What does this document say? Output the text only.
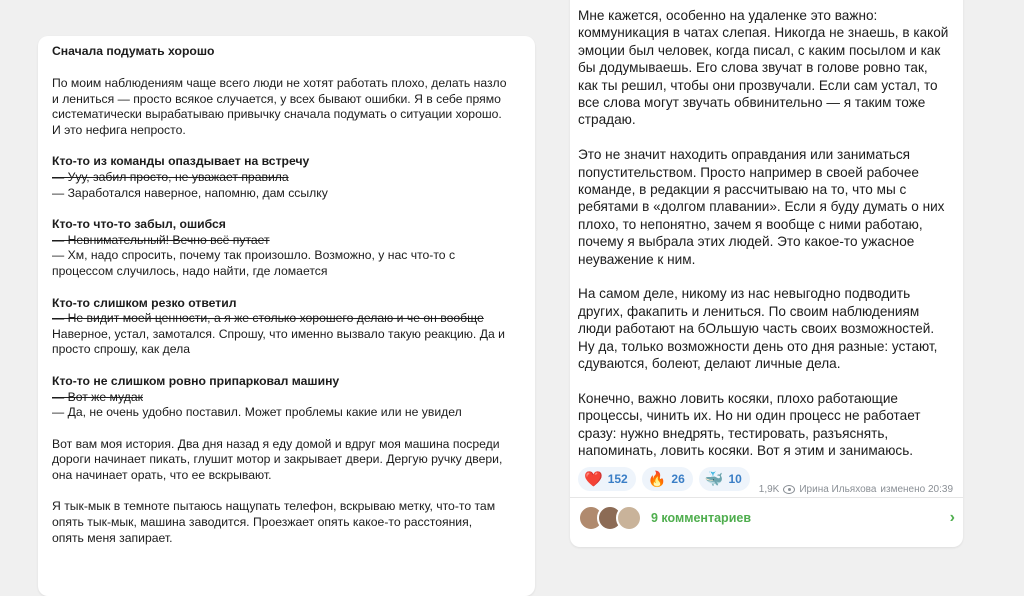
Сначала подумать хорошо

По моим наблюдениям чаще всего люди не хотят работать плохо, делать назло

и лениться — просто всякое случается, у всех бывают ошибки. Я в себе прямо

систематически вырабатываю привычку сначала подумать о ситуации хорошо.

И это нефига непросто.

Кто-то из команды опаздывает на встречу

— Ууу, забил просто, не уважает правила

— Заработался наверное, напомню, дам ссылку

Кто-то что-то забыл, ошибся

— Невнимательный! Вечно всё путает

— Хм, надо спросить, почему так произошло. Возможно, у нас что-то с

процессом случилось, надо найти, где ломается

Кто-то слишком резко ответил

— Не видит моей ценности, а я же столько хорошего делаю и че он вообще

Наверное, устал, замотался. Спрошу, что именно вызвало такую реакцию. Да и

просто спрошу, как дела

Кто-то не слишком ровно припарковал машину

— Вот же мудак

— Да, не очень удобно поставил. Может проблемы какие или не увидел

Вот вам моя история. Два дня назад я еду домой и вдруг моя машина посреди

дороги начинает пикать, глушит мотор и закрывает двери. Дергую ручку двери,

она начинает орать, что ее вскрывают.

Я тык-мык в темноте пытаюсь нащупать телефон, вскрываю метку, что-то там

опять тык-мык, машина заводится. Проезжает опять какое-то расстояния,

опять меня запирает.

Мне кажется, особенно на удаленке это важно:

коммуникация в чатах слепая. Никогда не знаешь, в какой

эмоции был человек, когда писал, с каким посылом и как

бы додумываешь. Его слова звучат в голове ровно так,

как ты решил, чтобы они прозвучали. Если сам устал, то

все слова могут звучать обвинительно — я таким тоже

страдаю.

Это не значит находить оправдания или заниматься

попустительством. Просто например в своей рабочее

команде, в редакции я рассчитываю на то, что мы с

ребятами в «долгом плавании». Если я буду думать о них

плохо, то непонятно, зачем я вообще с ними работаю,

почему я выбрала этих людей. Это какое-то ужасное

неуважение к ним.

На самом деле, никому из нас невыгодно подводить

других, факапить и лениться. По своим наблюдениям

люди работают на бОльшую часть своих возможностей.

Ну да, только возможности день ото дня разные: устают,

сдуваются, болеют, делают личные дела.

Конечно, важно ловить косяки, плохо работающие

процессы, чинить их. Но ни один процесс не работает

сразу: нужно внедрять, тестировать, разъяснять,

напоминать, ловить косяки. Вот я этим и занимаюсь.

❤️ 152 🔥 26 🐳 10
1,9K Ирина Ильяхова изменено 20:39
9 комментариев	›
